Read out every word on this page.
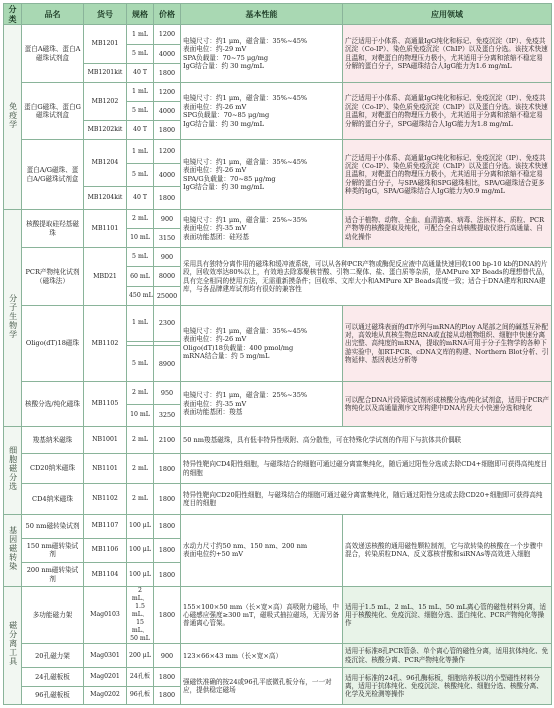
分类	品名	货号	规格	价格	基本性能	应用领域
免疫学	蛋白A磁珠、蛋白A磁珠试剂盒	MB1201	1 mL	1200	电镜尺寸：约1 μm，磁含量：35%~45%
表面电位：约-29 mV
SPA负载量：70~75 μg/mg
IgG结合量：约 30 mg/mL	广泛适用于小体系、高通量IgG纯化和标记、免疫沉淀（IP）、免疫共沉淀（Co-IP）、染色质免疫沉淀（ChIP）以及蛋白分选。该技术快速且温和，对靶蛋白的物理压力极小，尤其适用于分离和浓缩不稳定易分解的蛋白分子，SPA磁珠结合人IgG能力为1.6 mg/mL
			5 mL	4000		
		MB1201kit	40 T	1800		
	蛋白G磁珠、蛋白G磁珠试剂盒	MB1202	1 mL	1200	电镜尺寸：约1 μm，磁含量：35%~45%
表面电位：约-26 mV
SPG负载量：70~85 μg/mg
IgG结合量：约 30 mg/mL	广泛适用于小体系、高通量IgG纯化和标记、免疫沉淀（IP）、免疫共沉淀（Co-IP）、染色质免疫沉淀（ChIP）以及蛋白分选。该技术快速且温和，对靶蛋白的物理压力极小，尤其适用于分离和浓缩不稳定易分解的蛋白分子，SPG磁珠结合人IgG能力为1.8 mg/mL
			5 mL	4000		
		MB1202kit	40 T	1800		
	蛋白A/G磁珠、蛋白A/G磁珠试剂盒	MB1204	1 mL	1200	电镜尺寸：约1 μm，磁含量：35%~45%
表面电位：约-26 mV
SPA/G负载量：70~85 μg/mg
IgG结合量：约 30 mg/mL	广泛适用于小体系、高通量IgG纯化和标记、免疫沉淀（IP）、免疫共沉淀（Co-IP）、染色质免疫沉淀（ChIP）以及蛋白分选。该技术快速且温和，对靶蛋白的物理压力极小，尤其适用于分离和浓缩不稳定易分解的蛋白分子，与SPA磁珠和SPG磁珠相比，SPA/G磁珠适合更多种类的IgG，SPA/G磁珠结合人IgG能力为0.9 mg/mL
			5 mL	4000		
		MB1204kit	40 T	1800		
分子生物学	核酸提取硅羟基磁珠	MB1101	2 mL	900	电镜尺寸：约1 μm，磁含量：25%~35%
表面电位：约-35 mV
表面功能基团：硅羟基	适合于植物、动物、全血、血清游离、病毒、法医样本、质粒、PCR产物等的核酸提取及纯化，可配合全自动核酸提取仪进行高通量、自动化操作
			10 mL	3150		
	PCR产物纯化试剂（磁珠法）	MBD21	5 mL	900	采用具有独特分离作用的磁珠和缓冲液系统，可以从各种PCR产物或酶促反应液中高通量快速回收100 bp-10 kb的DNA的片段，回收效率达80%以上，有效地去除寡聚核苷酸、引物二聚体、盐、蛋白质等杂质，是AMPure XP Beads的理想替代品，具有完全相同的使用方法，无需重新摸条件；回收率、文库大小和AMPure XP Beads高度一致；适合于DNA建库和RNA建库，与各品牌建库试剂均有很好的兼容性	
			60 mL	8000		
			450 mL	25000		
	Oligo(dT)18磁珠	MB1102	1 mL	2300	电镜尺寸：约1 μm，磁含量：35%~45%
表面电位：约-26 mV
Oligo(dT)18负载量：400 pmol/mg
mRNA结合量：约 5 mg/mL	可以通过磁珠表面的dT序列与mRNA的Ploy A尾部之间的碱基互补配对，高效地从真核生物总RNA或直接从动植物组织、细胞中快速分离出完整、高纯度的mRNA，提取的mRNA可用于分子生物学的各种下游实验中，如RT-PCR、cDNA文库的构建、Northern Blot分析、引物延伸、基因表达分析等

			5 mL	8900		
	核酸分选/纯化磁珠	MB1105	2 mL	950	电镜尺寸：约1 μm，磁含量：25%~35%
表面电位：约-35 mV
表面功能基团：羧基	可以配合DNA片段筛选试剂形成核酸分选/纯化试剂盒，适用于PCR产物纯化以及高通量测序文库构建中DNA片段大小快速分选和纯化
			10 mL	3250		
细胞磁分选	羧基纳米磁珠	NB1001	2 mL	2100	50 nm羧基磁珠，具有低非特异性吸附、高分散性，可在特殊化学试剂的作用下与抗体共价偶联	
	CD20纳米磁珠	NB1101	2 mL	1800	特异性靶向CD4阳性细胞，与磁珠结合的细胞可通过磁分离富集纯化，随后通过阳性分选或去除CD4+细胞即可获得高纯度目的细胞	
	CD4纳米磁珠	NB1102	2 mL	1800	特异性靶向CD20阳性细胞，与磁珠结合的细胞可通过磁分离富集纯化，随后通过阳性分选或去除CD20+细胞即可获得高纯度目的细胞	
基因磁转染	50 nm磁转染试剂	MB1107	100 μL	1800	水动力尺寸约50 nm、150 nm、200 nm
表面电位约+50 mV	高效递送核酸的通用磁性颗粒制剂，它与欲转染的核酸在一个步骤中混合，转染质粒DNA、反义寡核苷酸和siRNAs等高效进入细胞
	150 nm磁转染试剂	MB1106	100 μL	1800		
	200 nm磁转染试剂	MB1104	100 μL	1800		
磁分离工具	多功能磁力架	Mag0103	2 mL、1.5 mL、15 mL、50 mL	1800	155×100×50 mm（长×宽×高）高吸附力磁场，中心磁感应强度≥300 mT，磁吸式抽拉磁场，无需另备普通离心管架。	适用于1.5 mL、2 mL、15 mL、50 mL离心管的磁性材料分离，适用于核酸纯化、免疫沉淀、细胞分选、蛋白纯化、PCR产物纯化等操作
	20孔磁力架	Mag0301	200 μL	900	123×66×43 mm（长×宽×高）	适用于标准8孔PCR管条、单个离心管的磁性分离，适用抗体纯化、免疫沉淀、核酸分离、PCR产物纯化等操作
	24孔磁板板	Mag0201	24孔板	1800	强磁铁准确的按24或96孔平底微孔板分布，一一对应，提供稳定磁场	适用于标准的24孔、96孔酶标板，细胞培养板以的小型磁性材料分离，适用于抗体纯化、免疫沉淀、核酸纯化、细胞分选、核酸分离、化学及光检测等操作
	96孔磁板板	Mag0202	96孔板	1800		
